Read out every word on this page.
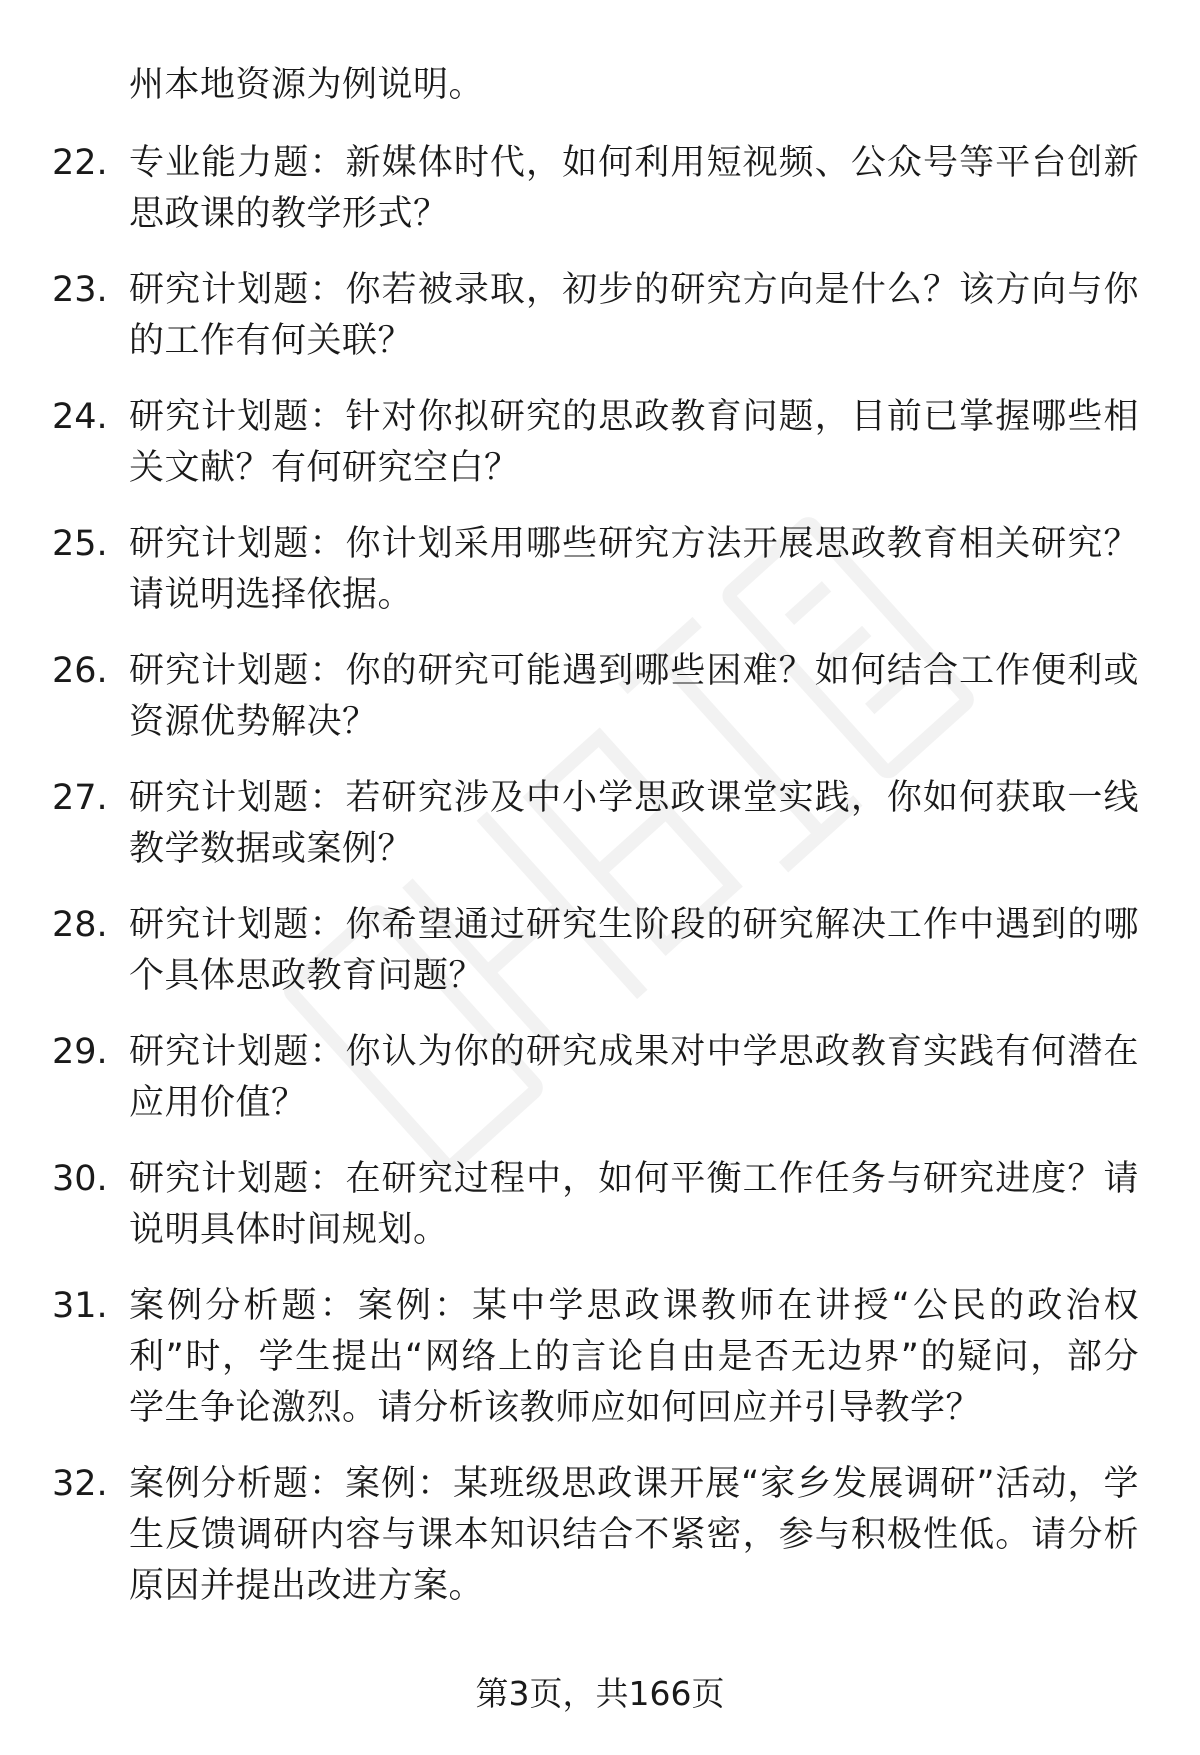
州本地资源为例说明。
22. 专业能力题：新媒体时代，如何利用短视频、公众号等平台创新思政课的教学形式？
23. 研究计划题：你若被录取，初步的研究方向是什么？该方向与你的工作有何关联？
24. 研究计划题：针对你拟研究的思政教育问题，目前已掌握哪些相关文献？有何研究空白？
25. 研究计划题：你计划采用哪些研究方法开展思政教育相关研究？请说明选择依据。
26. 研究计划题：你的研究可能遇到哪些困难？如何结合工作便利或资源优势解决？
27. 研究计划题：若研究涉及中小学思政课堂实践，你如何获取一线教学数据或案例？
28. 研究计划题：你希望通过研究生阶段的研究解决工作中遇到的哪个具体思政教育问题？
29. 研究计划题：你认为你的研究成果对中学思政教育实践有何潜在应用价值？
30. 研究计划题：在研究过程中，如何平衡工作任务与研究进度？请说明具体时间规划。
31. 案例分析题：案例：某中学思政课教师在讲授“公民的政治权利”时，学生提出“网络上的言论自由是否无边界”的疑问，部分学生争论激烈。请分析该教师应如何回应并引导教学？
32. 案例分析题：案例：某班级思政课开展“家乡发展调研”活动，学生反馈调研内容与课本知识结合不紧密，参与积极性低。请分析原因并提出改进方案。
第3页，共166页
